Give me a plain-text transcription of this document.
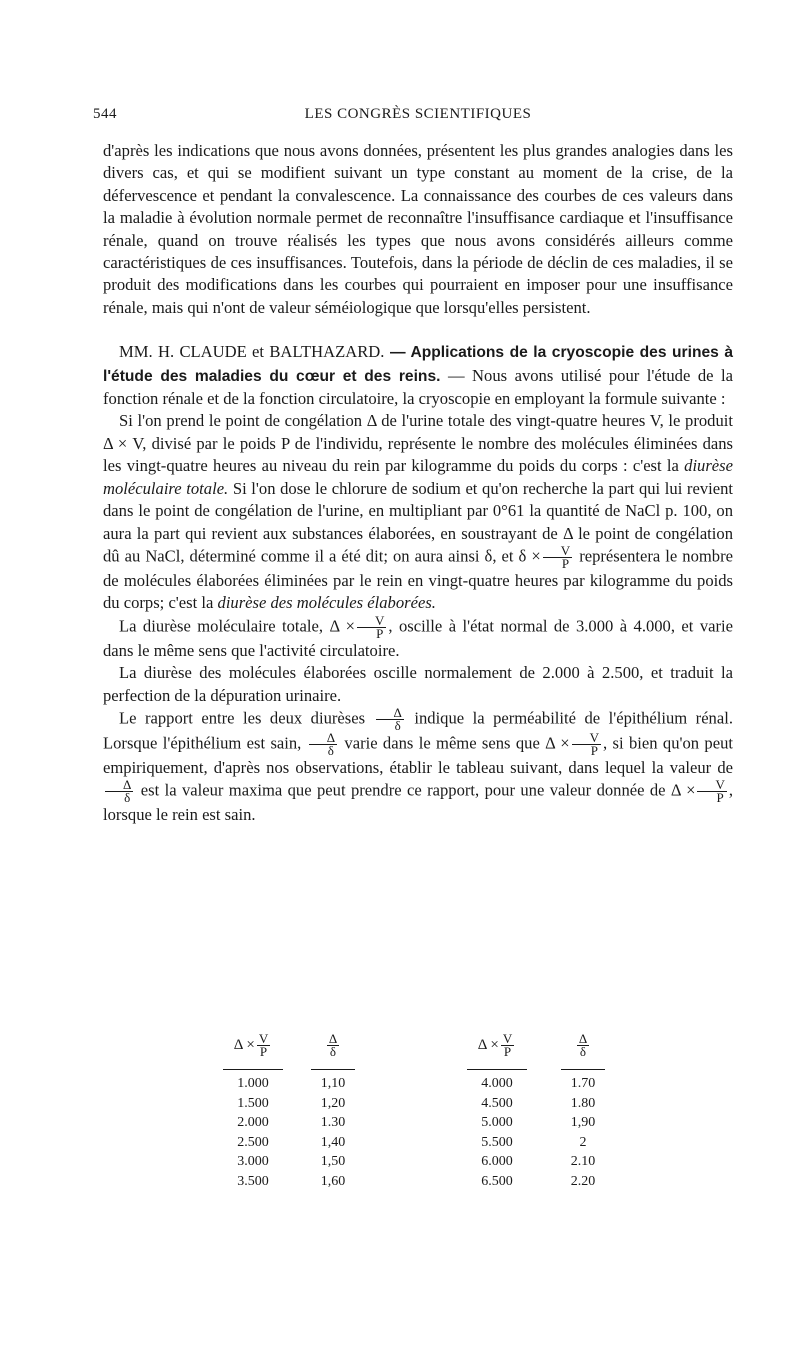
544	LES CONGRÈS SCIENTIFIQUES

d'après les indications que nous avons données, présentent les plus grandes analogies dans les divers cas, et qui se modifient suivant un type constant au moment de la crise, de la défervescence et pendant la convalescence. La connaissance des courbes de ces valeurs dans la maladie à évolution normale permet de reconnaître l'insuffisance cardiaque et l'insuffisance rénale, quand on trouve réalisés les types que nous avons considérés ailleurs comme caractéristiques de ces insuffisances. Toutefois, dans la période de déclin de ces maladies, il se produit des modifications dans les courbes qui pourraient en imposer pour une insuffisance rénale, mais qui n'ont de valeur séméiologique que lorsqu'elles persistent.

MM. H. CLAUDE et BALTHAZARD. — Applications de la cryoscopie des urines à l'étude des maladies du cœur et des reins. — Nous avons utilisé pour l'étude de la fonction rénale et de la fonction circulatoire, la cryoscopie en employant la formule suivante :

Si l'on prend le point de congélation Δ de l'urine totale des vingt-quatre heures V, le produit Δ × V, divisé par le poids P de l'individu, représente le nombre des molécules éliminées dans les vingt-quatre heures au niveau du rein par kilogramme du poids du corps : c'est la diurèse moléculaire totale. Si l'on dose le chlorure de sodium et qu'on recherche la part qui lui revient dans le point de congélation de l'urine, en multipliant par 0°61 la quantité de NaCl p. 100, on aura la part qui revient aux substances élaborées, en soustrayant de Δ le point de congélation dû au NaCl, déterminé comme il a été dit; on aura ainsi δ, et $\delta \times \frac{V}{P}$ représentera le nombre de molécules élaborées éliminées par le rein en vingt-quatre heures par kilogramme du poids du corps; c'est la diurèse des molécules élaborées.

La diurèse moléculaire totale, $\Delta \times \frac{V}{P}$ , oscille à l'état normal de 3.000 à 4.000, et varie dans le même sens que l'activité circulatoire.

La diurèse des molécules élaborées oscille normalement de 2.000 à 2.500, et traduit la perfection de la dépuration urinaire.

Le rapport entre les deux diurèses $\frac{\Delta}{\delta}$ indique la perméabilité de l'épithélium rénal. Lorsque l'épithélium est sain, $\frac{\Delta}{\delta}$ varie dans le même sens que $\Delta \times \frac{V}{P}$ , si bien qu'on peut empiriquement, d'après nos observations, établir le tableau suivant, dans lequel la valeur de
$\frac{\Delta}{\delta}$ est la valeur maxima que peut prendre ce rapport, pour une valeur donnée de $\Delta \times \frac{V}{P}$ , lorsque le rein est sain.

$\Delta \times \frac{V}{P}$
1.000
1.500
2.000
2.500
3.000
3.500
$\frac{\Delta}{\delta}$
1,10
1,20
1.30
1,40
1,50
1,60
$\Delta \times \frac{V}{P}$
4.000
4.500
5.000
5.500
6.000
6.500
$\frac{\Delta}{\delta}$
1.70
1.80
1,90
2
2.10
2.20
